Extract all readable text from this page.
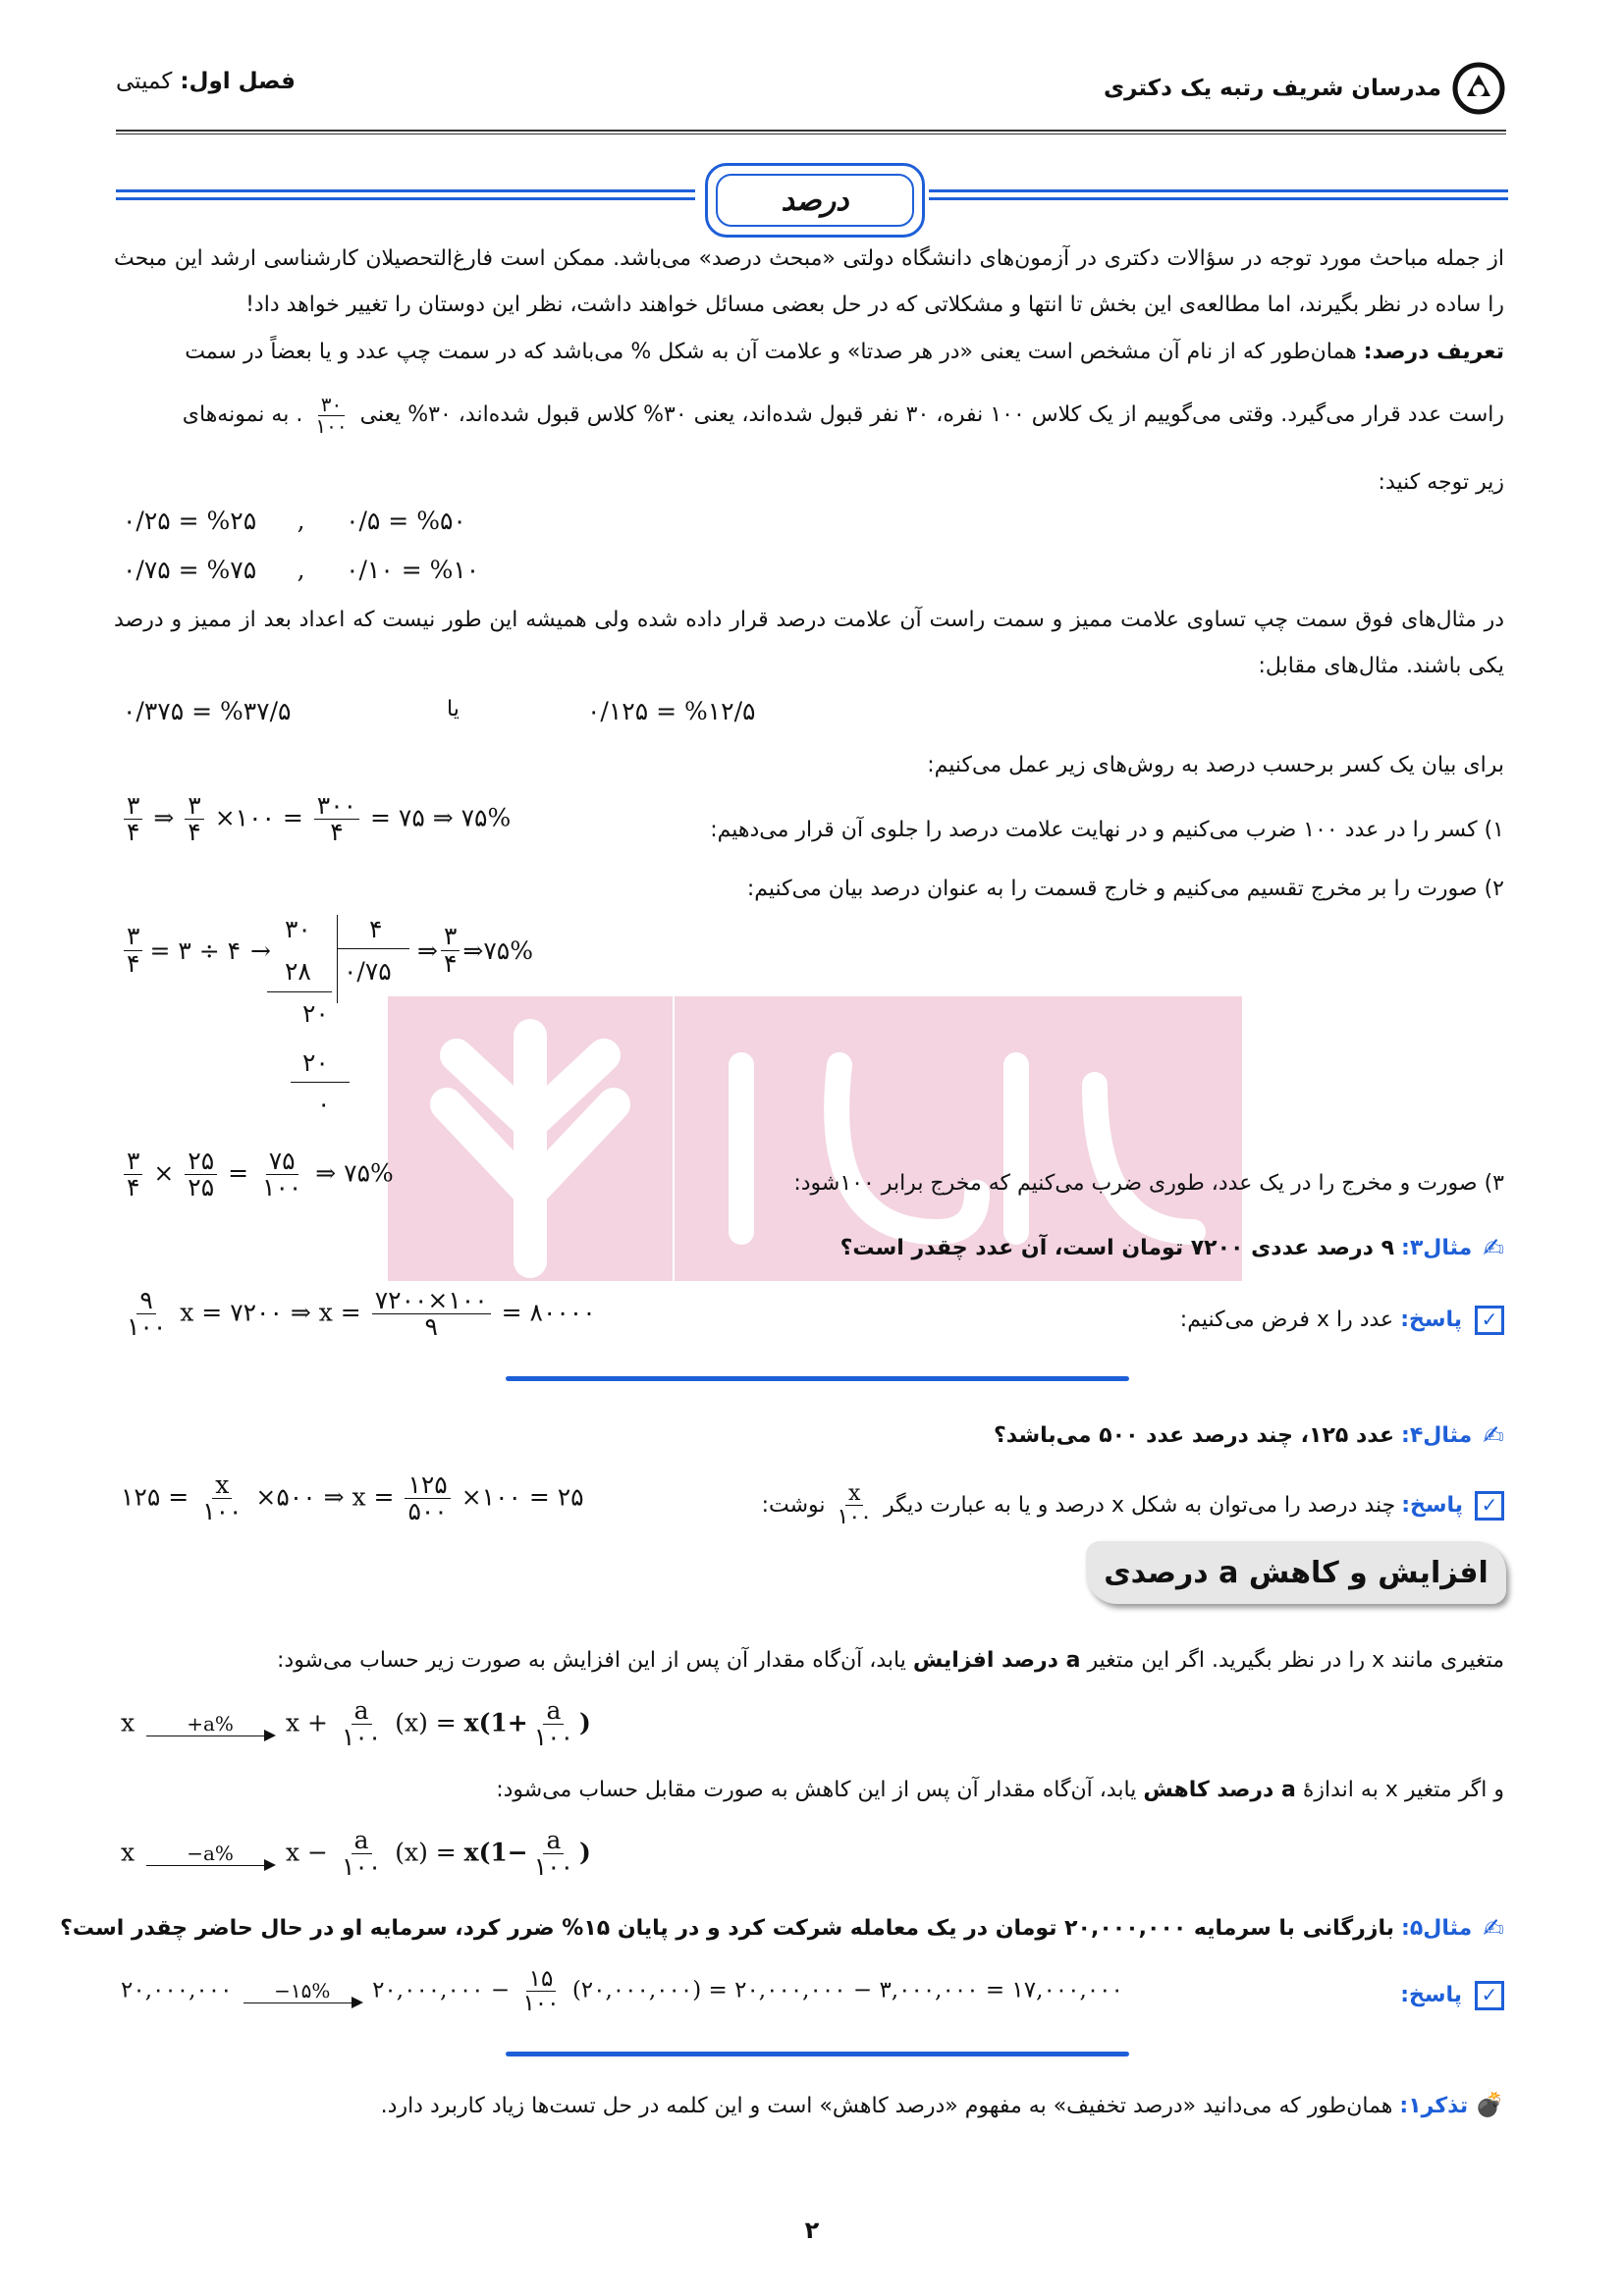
مدرسان شریف رتبه یک دکتری
فصل اول:
کمیتی
درصد
از جمله مباحث مورد توجه در سؤالات دکتری در آزمون‌های دانشگاه دولتی «مبحث درصد» می‌باشد. ممکن است فارغ‌التحصیلان کارشناسی ارشد این مبحث را ساده در نظر بگیرند، اما مطالعه‌ی این بخش تا انتها و مشکلاتی که در حل بعضی مسائل خواهند داشت، نظر این دوستان را تغییر خواهد داد!
تعریف درصد: همان‌طور که از نام آن مشخص است یعنی «در هر صدتا» و علامت آن به شکل % می‌باشد که در سمت چپ عدد و یا بعضاً در سمت
راست عدد قرار می‌گیرد. وقتی می‌گوییم از یک کلاس ۱۰۰ نفره، ۳۰ نفر قبول شده‌اند، یعنی ۳۰% کلاس قبول شده‌اند، ۳۰% یعنی
$\frac{۳۰}{۱۰۰}$
. به نمونه‌های
زیر توجه کنید:
۰/۲۵ = %۲۵ , ۰/۵ = %۵۰
۰/۷۵ = %۷۵ , ۰/۱۰ = %۱۰
در مثال‌های فوق سمت چپ تساوی علامت ممیز و سمت راست آن علامت درصد قرار داده شده ولی همیشه این طور نیست که اعداد بعد از ممیز و درصد یکی باشند. مثال‌های مقابل:
۰/۳۷۵ = %۳۷/۵	یا	۰/۱۲۵ = %۱۲/۵
برای بیان یک کسر برحسب درصد به روش‌های زیر عمل می‌کنیم:
۱) کسر را در عدد ۱۰۰ ضرب می‌کنیم و در نهایت علامت درصد را جلوی آن قرار می‌دهیم:
$\frac{۳}{۴}$ ⇒ $\frac{۳}{۴}$ ×۱۰۰ = $\frac{۳۰۰}{۴}$ = ۷۵ ⇒ ۷۵%
۲) صورت را بر مخرج تقسیم می‌کنیم و خارج قسمت را به عنوان درصد بیان می‌کنیم:
$\frac{۳}{۴}$ = ۳ ÷ ۴ →
۳۰ ۴
۰/۷۵
۲۸
۲۰
۲۰
۰
⇒ $\frac{۳}{۴}$ ⇒ ۷۵%
۳) صورت و مخرج را در یک عدد، طوری ضرب می‌کنیم که مخرج برابر ۱۰۰شود:
$\frac{۳}{۴} \times \frac{۲۵}{۲۵} = \frac{۷۵}{۱۰۰}$ ⇒ ۷۵%
✍ مثال۳: ۹ درصد عددی ۷۲۰۰ تومان است، آن عدد چقدر است؟
✓ پاسخ: عدد را x فرض می‌کنیم:
$\frac{۹}{۱۰۰}$ x = ۷۲۰۰ ⇒ $x = \frac{۷۲۰۰\times ۱۰۰}{۹}$ = ۸۰۰۰۰
✍ مثال۴: عدد ۱۲۵، چند درصد عدد ۵۰۰ می‌باشد؟
✓
پاسخ:
چند درصد را می‌توان به شکل x درصد و یا به عبارت دیگر
$\frac{x}{۱۰۰}$
نوشت:
۱۲۵ = $\frac{x}{۱۰۰}$ ×۵۰۰ ⇒ $x = \frac{۱۲۵}{۵۰۰}$ ×۱۰۰ = ۲۵
افزایش و کاهش a درصدی
متغیری مانند x را در نظر بگیرید. اگر این متغیر a درصد افزایش یابد، آن‌گاه مقدار آن پس از این افزایش به صورت زیر حساب می‌شود:
x	+a% $x + \frac{a}{۱۰۰} (x) = x(1+ \frac{a}{۱۰۰}$ )
و اگر متغیر x به اندازهٔ a درصد کاهش یابد، آن‌گاه مقدار آن پس از این کاهش به صورت مقابل حساب می‌شود:
x	−a% $x - \frac{a}{۱۰۰} (x) = x(1- \frac{a}{۱۰۰}$ )
✍ مثال۵: بازرگانی با سرمایه ۲۰,۰۰۰,۰۰۰ تومان در یک معامله شرکت کرد و در پایان ۱۵% ضرر کرد، سرمایه او در حال حاضر چقدر است؟
✓ پاسخ:
۲۰,۰۰۰,۰۰۰ −۱۵% ۲۰,۰۰۰,۰۰۰ − $\frac{۱۵}{۱۰۰}$ (۲۰,۰۰۰,۰۰۰) = ۲۰,۰۰۰,۰۰۰ − ۳,۰۰۰,۰۰۰ = ۱۷,۰۰۰,۰۰۰
💣 تذکر۱: همان‌طور که می‌دانید «درصد تخفیف» به مفهوم «درصد کاهش» است و این کلمه در حل تست‌ها زیاد کاربرد دارد.
۲
